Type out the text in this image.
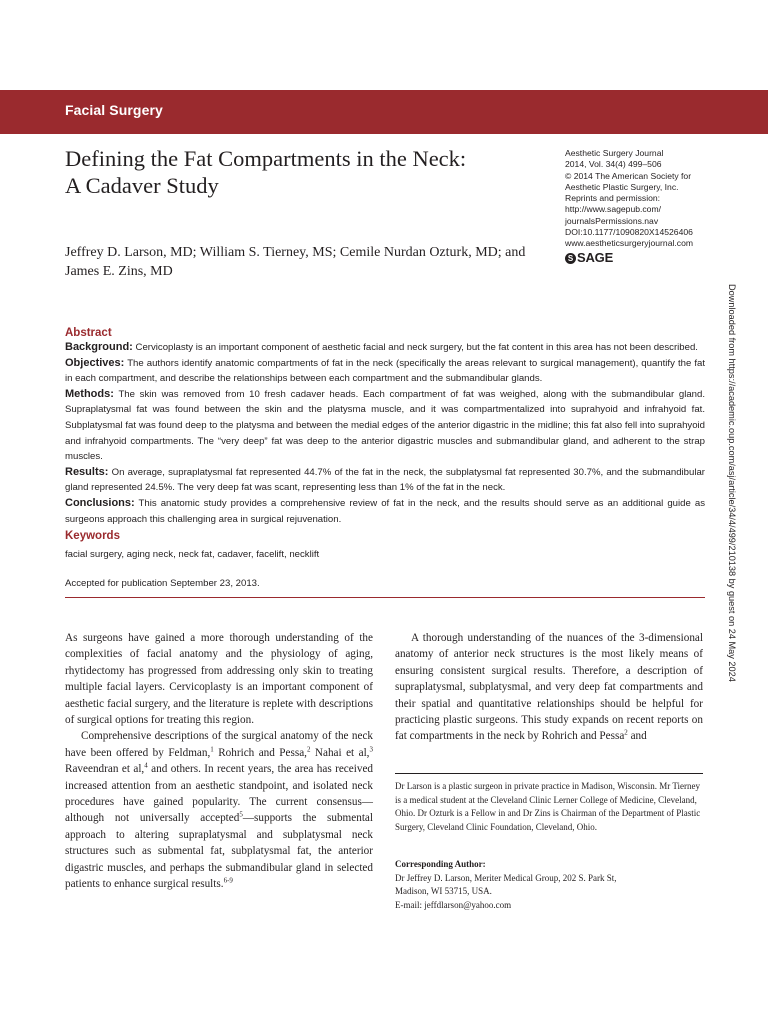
Facial Surgery
Defining the Fat Compartments in the Neck:
A Cadaver Study
Aesthetic Surgery Journal
2014, Vol. 34(4) 499–506
© 2014 The American Society for
Aesthetic Plastic Surgery, Inc.
Reprints and permission:
http://www.sagepub.com/
journalsPermissions.nav
DOI:10.1177/1090820X14526406
www.aestheticsurgeryjournal.com
S SAGE
Jeffrey D. Larson, MD; William S. Tierney, MS; Cemile Nurdan Ozturk, MD; and James E. Zins, MD
Abstract
Background: Cervicoplasty is an important component of aesthetic facial and neck surgery, but the fat content in this area has not been described.
Objectives: The authors identify anatomic compartments of fat in the neck (specifically the areas relevant to surgical management), quantify the fat in each compartment, and describe the relationships between each compartment and the submandibular glands.
Methods: The skin was removed from 10 fresh cadaver heads. Each compartment of fat was weighed, along with the submandibular gland. Supraplatysmal fat was found between the skin and the platysma muscle, and it was compartmentalized into suprahyoid and infrahyoid fat. Subplatysmal fat was found deep to the platysma and between the medial edges of the anterior digastric in the midline; this fat also fell into suprahyoid and infrahyoid compartments. The “very deep” fat was deep to the anterior digastric muscles and submandibular gland, and adherent to the strap muscles.
Results: On average, supraplatysmal fat represented 44.7% of the fat in the neck, the subplatysmal fat represented 30.7%, and the submandibular gland represented 24.5%. The very deep fat was scant, representing less than 1% of the fat in the neck.
Conclusions: This anatomic study provides a comprehensive review of fat in the neck, and the results should serve as an additional guide as surgeons approach this challenging area in surgical rejuvenation.
Keywords
facial surgery, aging neck, neck fat, cadaver, facelift, necklift
Accepted for publication September 23, 2013.

As surgeons have gained a more thorough understanding of the complexities of facial anatomy and the physiology of aging, rhytidectomy has progressed from addressing only skin to treating multiple facial layers. Cervicoplasty is an important component of aesthetic facial surgery, and the literature is replete with descriptions of surgical options for treating this region.

Comprehensive descriptions of the surgical anatomy of the neck have been offered by Feldman,$^1$ Rohrich and Pessa,$^2$ Nahai et al,$^3$ Raveendran et al,$^4$ and others. In recent years, the area has received increased attention from an aesthetic standpoint, and isolated neck procedures have gained popularity. The current consensus—although not universally accepted$^5$—supports the submental approach to altering supraplatysmal and subplatysmal neck structures such as submental fat, subplatysmal fat, the anterior digastric muscles, and perhaps the submandibular gland in selected patients to enhance surgical results.$^{6-9}$

A thorough understanding of the nuances of the 3-dimensional anatomy of anterior neck structures is the most likely means of ensuring consistent surgical results. Therefore, a description of supraplatysmal, subplatysmal, and very deep fat compartments and their spatial and quantitative relationships should be helpful for practicing plastic surgeons. This study expands on recent reports on fat compartments in the neck by Rohrich and Pessa$^2$ and

Dr Larson is a plastic surgeon in private practice in Madison, Wisconsin. Mr Tierney is a medical student at the Cleveland Clinic Lerner College of Medicine, Cleveland, Ohio. Dr Ozturk is a Fellow in and Dr Zins is Chairman of the Department of Plastic Surgery, Cleveland Clinic Foundation, Cleveland, Ohio.
Corresponding Author:
Dr Jeffrey D. Larson, Meriter Medical Group, 202 S. Park St,
Madison, WI 53715, USA.
E-mail: jeffdlarson@yahoo.com
Downloaded from https://academic.oup.com/asj/article/34/4/499/210138 by guest on 24 May 2024
